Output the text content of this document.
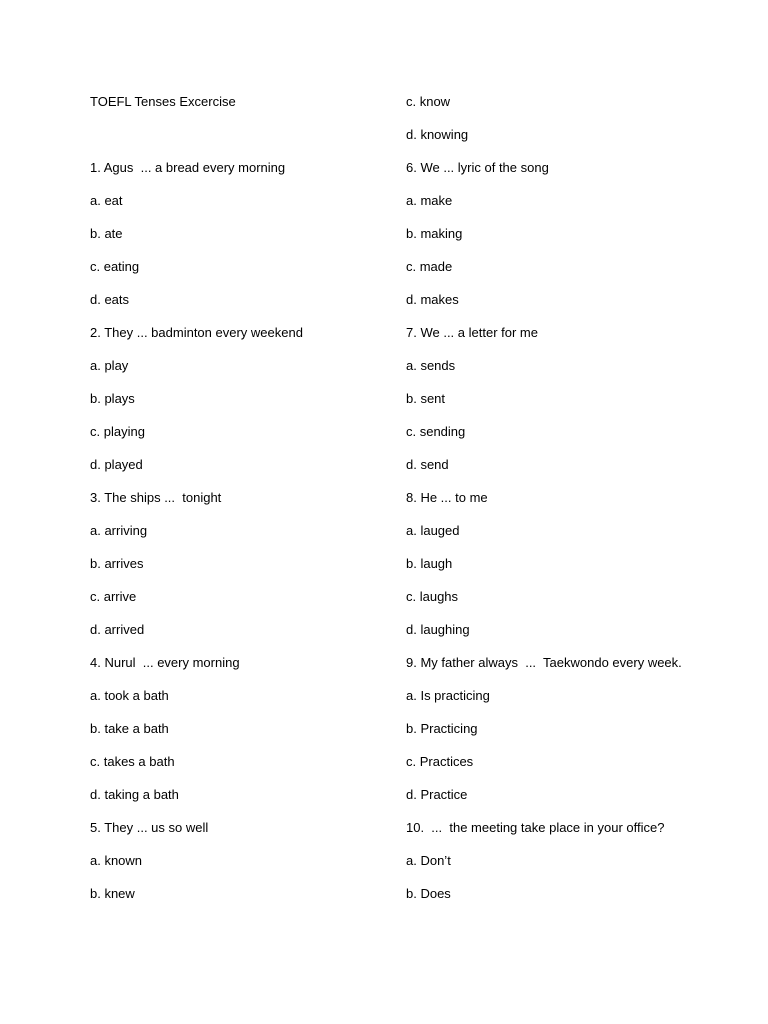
TOEFL Tenses Excercise

1. Agus  ... a bread every morning

a. eat

b. ate

c. eating

d. eats

2. They ... badminton every weekend

a. play

b. plays

c. playing

d. played

3. The ships ...  tonight

a. arriving

b. arrives

c. arrive

d. arrived

4. Nurul  ... every morning

a. took a bath

b. take a bath

c. takes a bath

d. taking a bath

5. They ... us so well

a. known

b. knew

c. know

d. knowing

6. We ... lyric of the song

a. make

b. making

c. made

d. makes

7. We ... a letter for me

a. sends

b. sent

c. sending

d. send

8. He ... to me

a. lauged

b. laugh

c. laughs

d. laughing

9. My father always  ...  Taekwondo every week.

a. Is practicing

b. Practicing

c. Practices

d. Practice

10.  ...  the meeting take place in your office?

a. Don’t

b. Does
